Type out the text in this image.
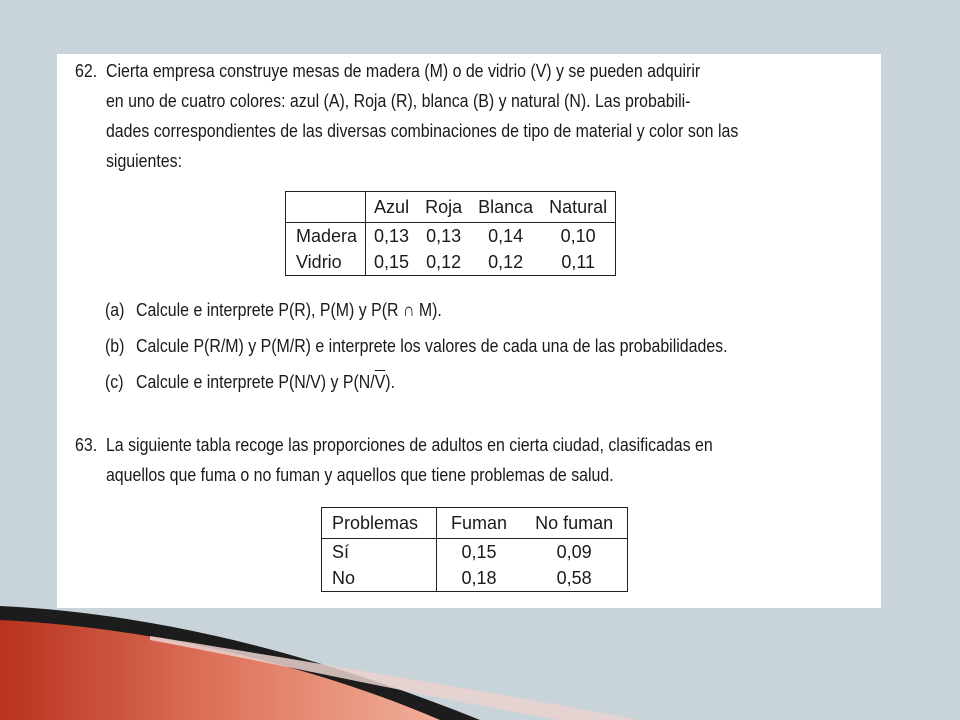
62. Cierta empresa construye mesas de madera (M) o de vidrio (V) y se pueden adquirir
en uno de cuatro colores: azul (A), Roja (R), blanca (B) y natural (N). Las probabili-
dades correspondientes de las diversas combinaciones de tipo de material y color son las
siguientes:
	Azul	Roja	Blanca	Natural
Madera	0,13	0,13	0,14	0,10
Vidrio	0,15	0,12	0,12	0,11
(a) Calcule e interprete P(R), P(M) y P(R ∩ M).
(b) Calcule P(R/M) y P(M/R) e interprete los valores de cada una de las probabilidades.
(c) Calcule e interprete P(N/V) y $P(N/\overline{V})$.
63. La siguiente tabla recoge las proporciones de adultos en cierta ciudad, clasificadas en
aquellos que fuma o no fuman y aquellos que tiene problemas de salud.
Problemas	Fuman	No fuman
Sí	0,15	0,09
No	0,18	0,58
